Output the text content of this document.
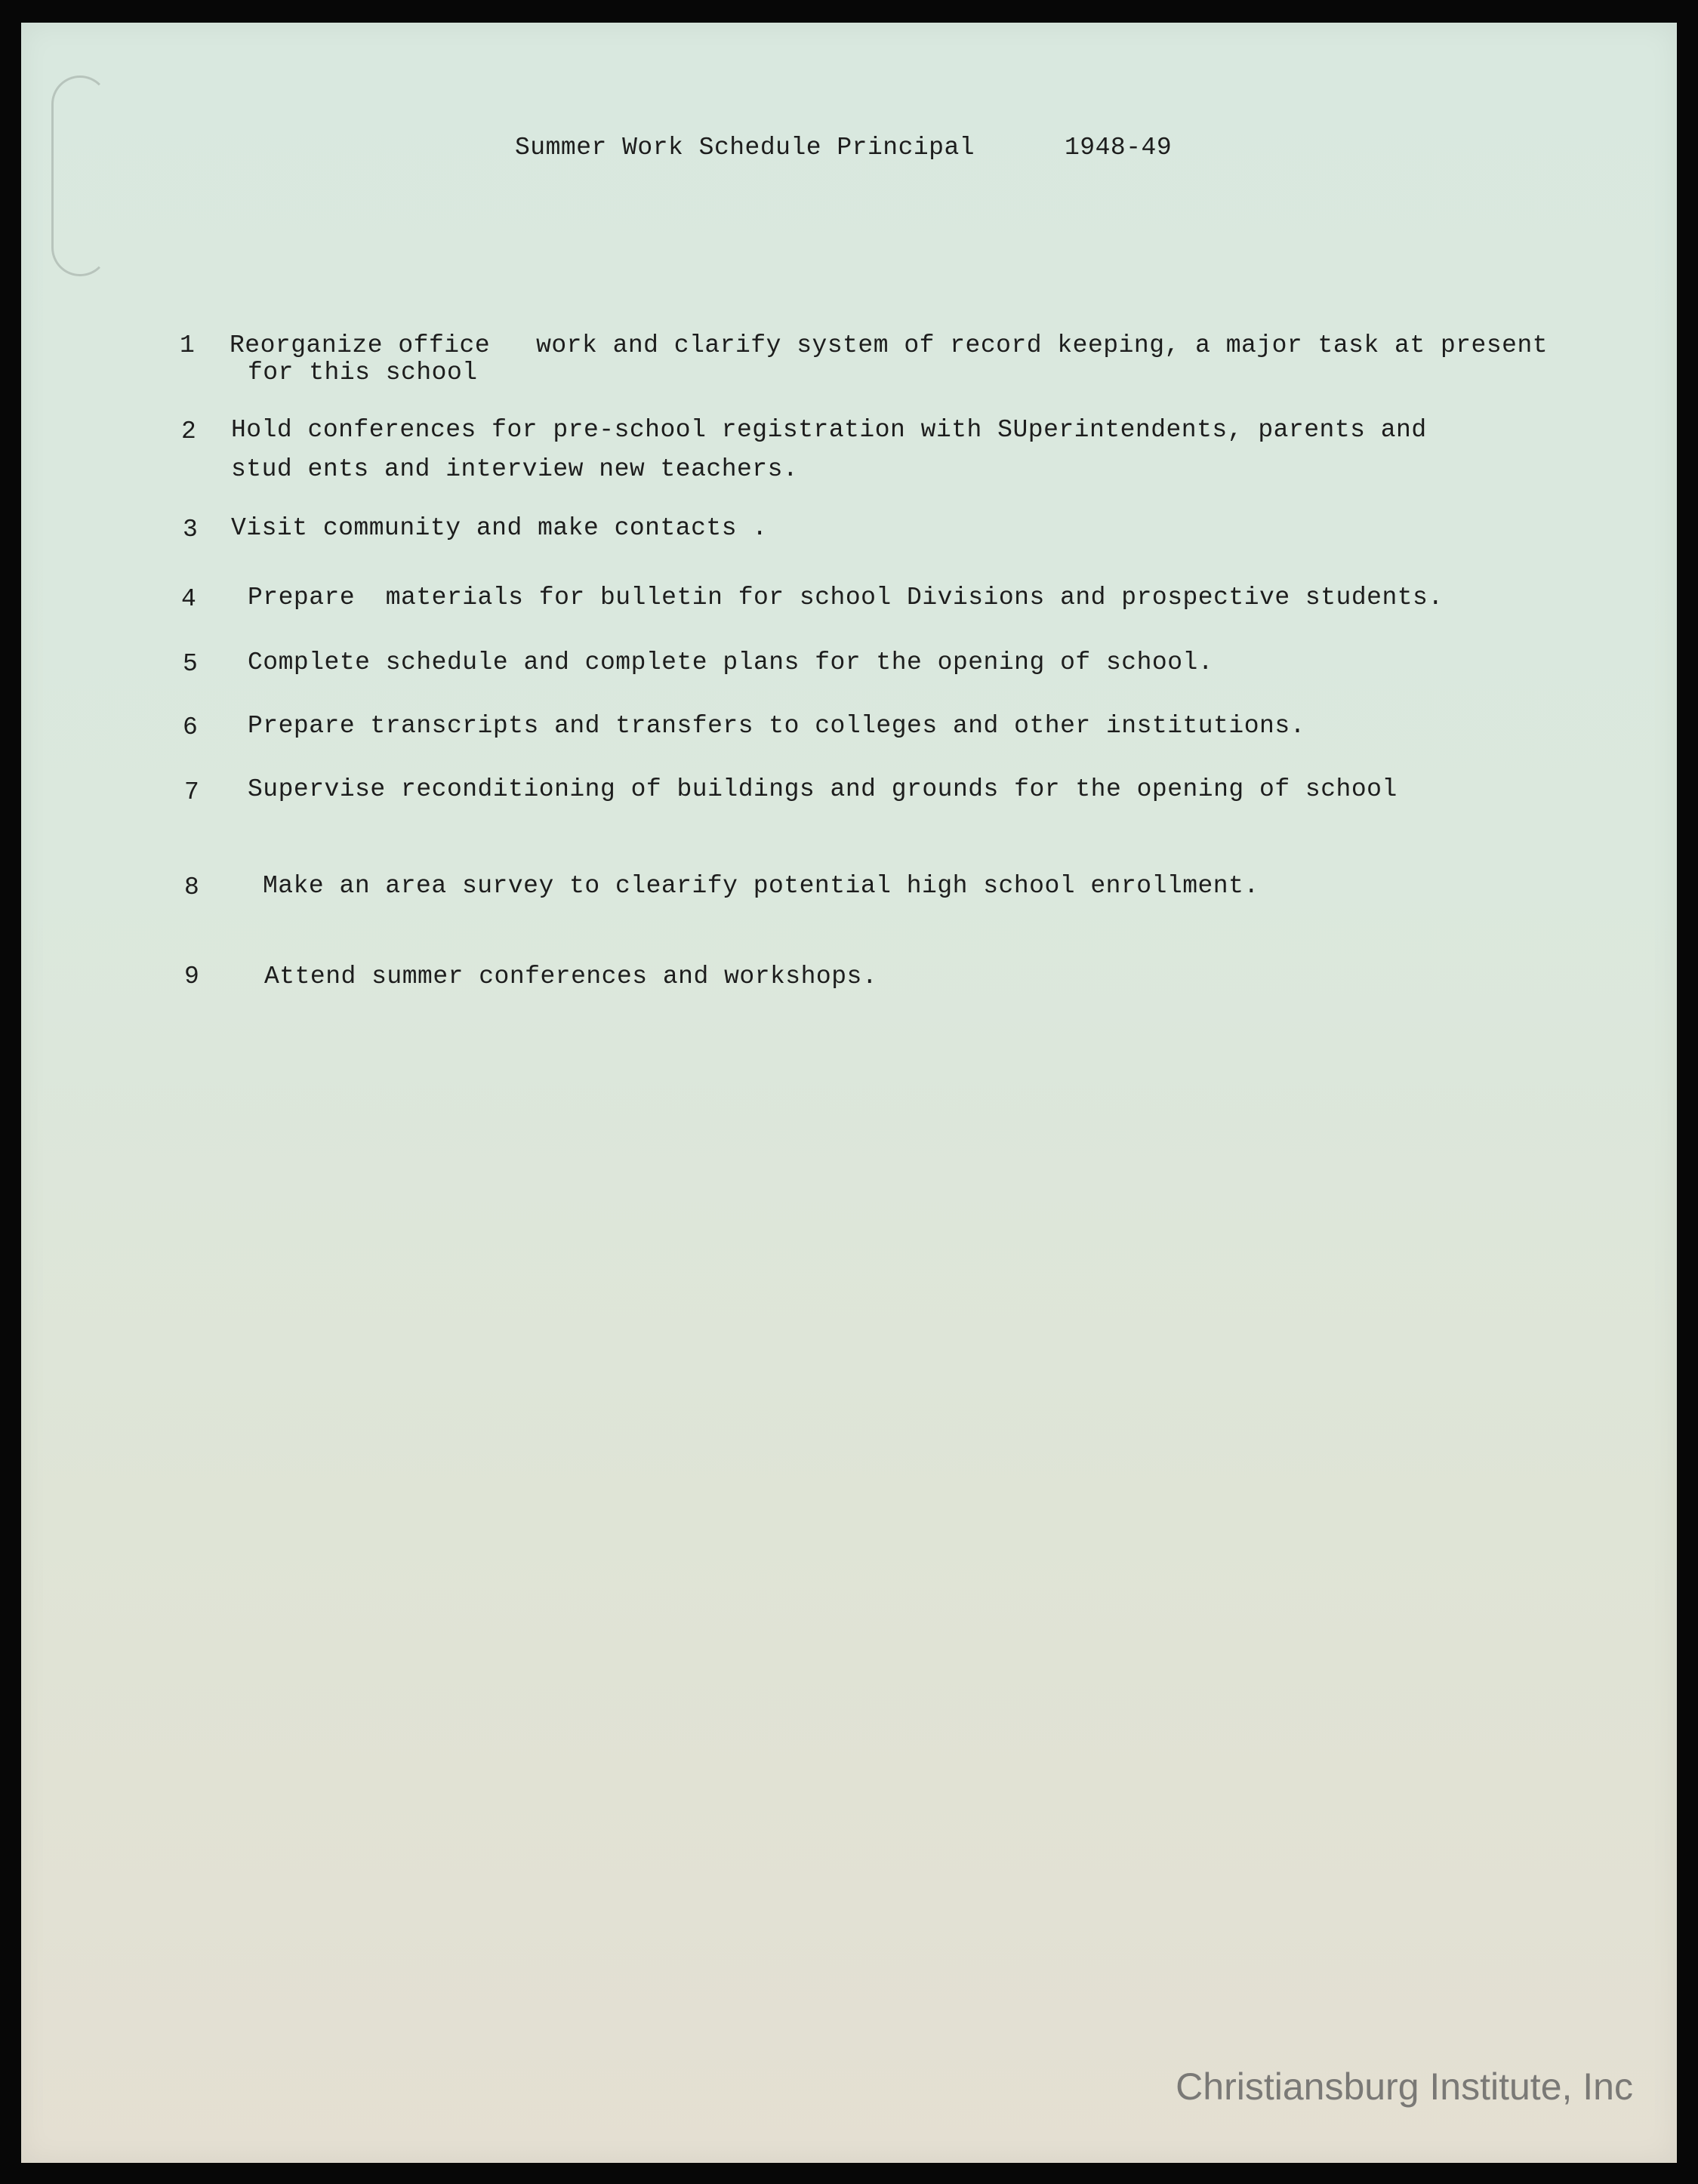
Summer Work Schedule Principal	1948-49
1 Reorganize office   work and clarify system of record keeping, a major task at present
for this school
2 Hold conferences for pre-school registration with SUperintendents, parents and
stud ents and interview new teachers.
3 Visit community and make contacts .
4 Prepare  materials for bulletin for school Divisions and prospective students.
5 Complete schedule and complete plans for the opening of school.
6 Prepare transcripts and transfers to colleges and other institutions.
7 Supervise reconditioning of buildings and grounds for the opening of school
8	Make an area survey to clearify potential high school enrollment.
9	Attend summer conferences and workshops.
Christiansburg Institute, Inc
